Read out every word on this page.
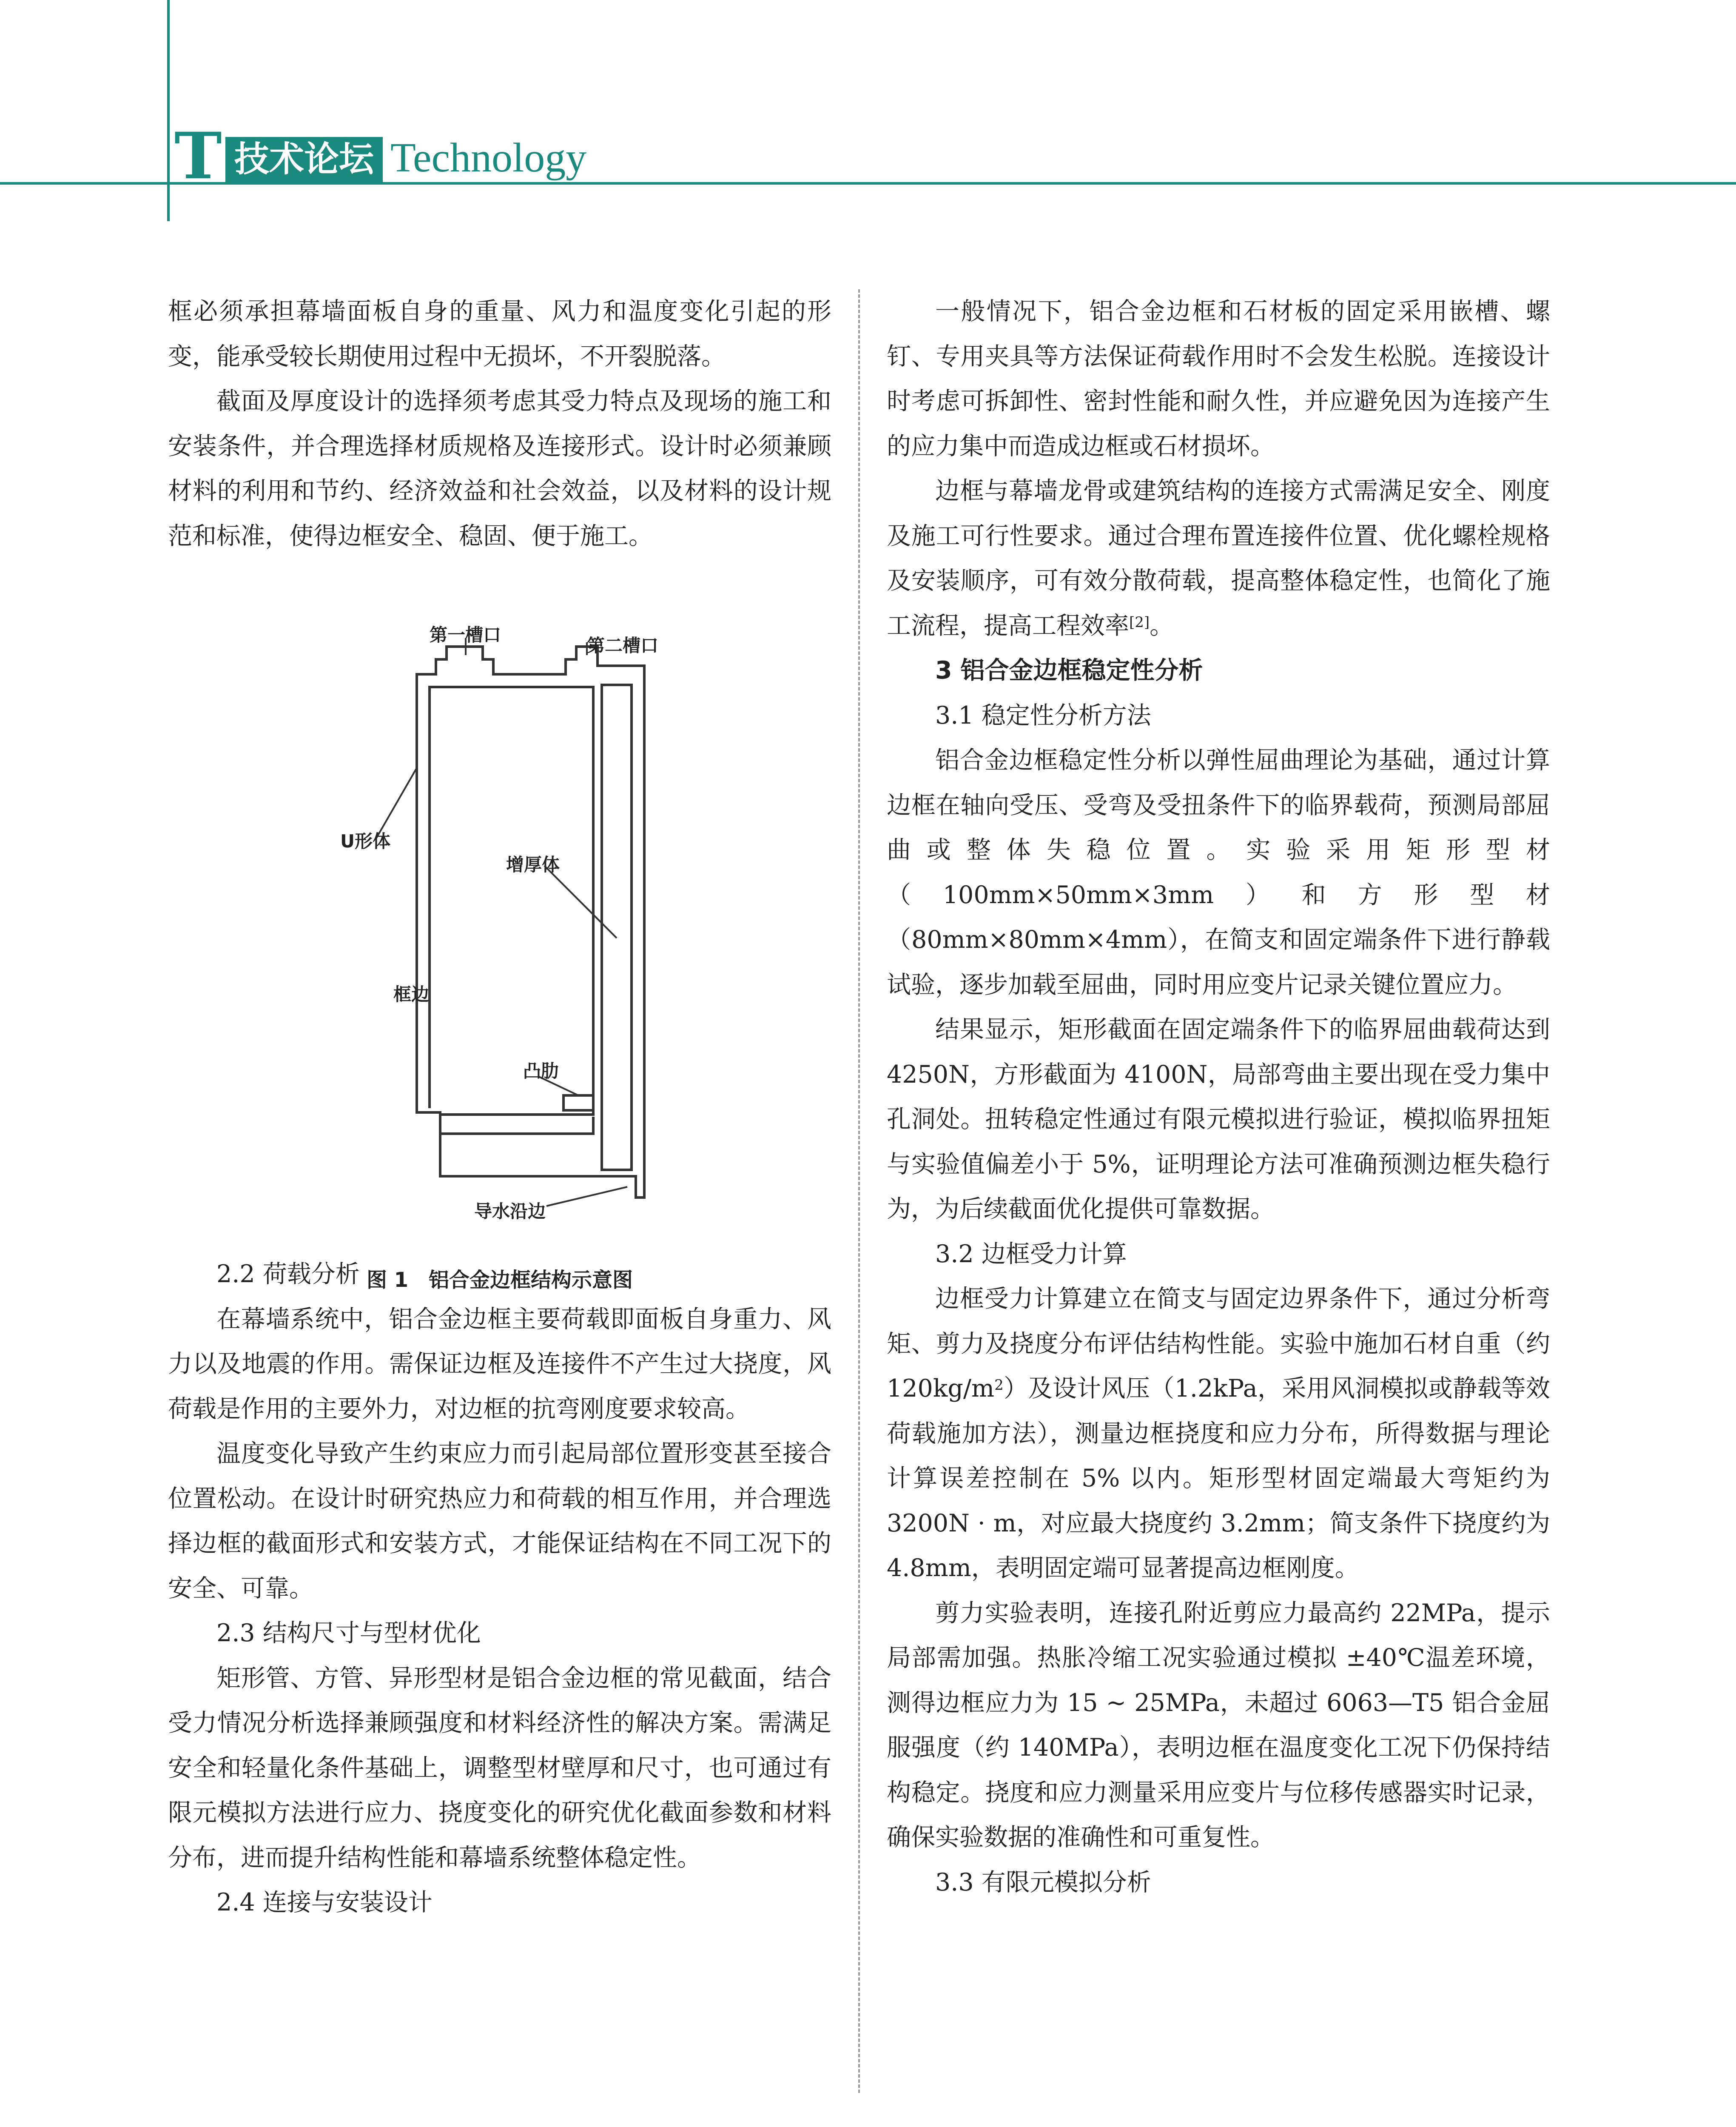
T 技术论坛 Technology

框必须承担幕墙面板自身的重量、风力和温度变化引起的形变，能承受较长期使用过程中无损坏，不开裂脱落。

截面及厚度设计的选择须考虑其受力特点及现场的施工和安装条件，并合理选择材质规格及连接形式。设计时必须兼顾材料的利用和节约、经济效益和社会效益，以及材料的设计规范和标准，使得边框安全、稳固、便于施工。

2.2 荷载分析

在幕墙系统中，铝合金边框主要荷载即面板自身重力、风力以及地震的作用。需保证边框及连接件不产生过大挠度，风荷载是作用的主要外力，对边框的抗弯刚度要求较高。

温度变化导致产生约束应力而引起局部位置形变甚至接合位置松动。在设计时研究热应力和荷载的相互作用，并合理选择边框的截面形式和安装方式，才能保证结构在不同工况下的安全、可靠。

2.3 结构尺寸与型材优化

矩形管、方管、异形型材是铝合金边框的常见截面，结合受力情况分析选择兼顾强度和材料经济性的解决方案。需满足安全和轻量化条件基础上，调整型材壁厚和尺寸，也可通过有限元模拟方法进行应力、挠度变化的研究优化截面参数和材料分布，进而提升结构性能和幕墙系统整体稳定性。

2.4 连接与安装设计

第一槽口
第二槽口
U形体
增厚体
框边
凸肋
导水沿边
图 1　铝合金边框结构示意图

一般情况下，铝合金边框和石材板的固定采用嵌槽、螺钉、专用夹具等方法保证荷载作用时不会发生松脱。连接设计时考虑可拆卸性、密封性能和耐久性，并应避免因为连接产生的应力集中而造成边框或石材损坏。

边框与幕墙龙骨或建筑结构的连接方式需满足安全、刚度及施工可行性要求。通过合理布置连接件位置、优化螺栓规格及安装顺序，可有效分散荷载，提高整体稳定性，也简化了施工流程，提高工程效率[2]。

3 铝合金边框稳定性分析

3.1 稳定性分析方法

铝合金边框稳定性分析以弹性屈曲理论为基础，通过计算边框在轴向受压、受弯及受扭条件下的临界载荷，预测局部屈曲或整体失稳位置。实验采用矩形型材（100mm×50mm×3mm）和方形型材（80mm×80mm×4mm），在简支和固定端条件下进行静载试验，逐步加载至屈曲，同时用应变片记录关键位置应力。

结果显示，矩形截面在固定端条件下的临界屈曲载荷达到 4250N，方形截面为 4100N，局部弯曲主要出现在受力集中孔洞处。扭转稳定性通过有限元模拟进行验证，模拟临界扭矩与实验值偏差小于 5%，证明理论方法可准确预测边框失稳行为，为后续截面优化提供可靠数据。

3.2 边框受力计算

边框受力计算建立在简支与固定边界条件下，通过分析弯矩、剪力及挠度分布评估结构性能。实验中施加石材自重（约 $120kg/m^2$）及设计风压（1.2kPa，采用风洞模拟或静载等效荷载施加方法），测量边框挠度和应力分布，所得数据与理论计算误差控制在 5% 以内。矩形型材固定端最大弯矩约为 3200N · m，对应最大挠度约 3.2mm；简支条件下挠度约为 4.8mm，表明固定端可显著提高边框刚度。

剪力实验表明，连接孔附近剪应力最高约 22MPa，提示局部需加强。热胀冷缩工况实验通过模拟 ±40℃温差环境，测得边框应力为 15 ~ 25MPa，未超过 6063—T5 铝合金屈服强度（约 140MPa），表明边框在温度变化工况下仍保持结构稳定。挠度和应力测量采用应变片与位移传感器实时记录，确保实验数据的准确性和可重复性。

3.3 有限元模拟分析
